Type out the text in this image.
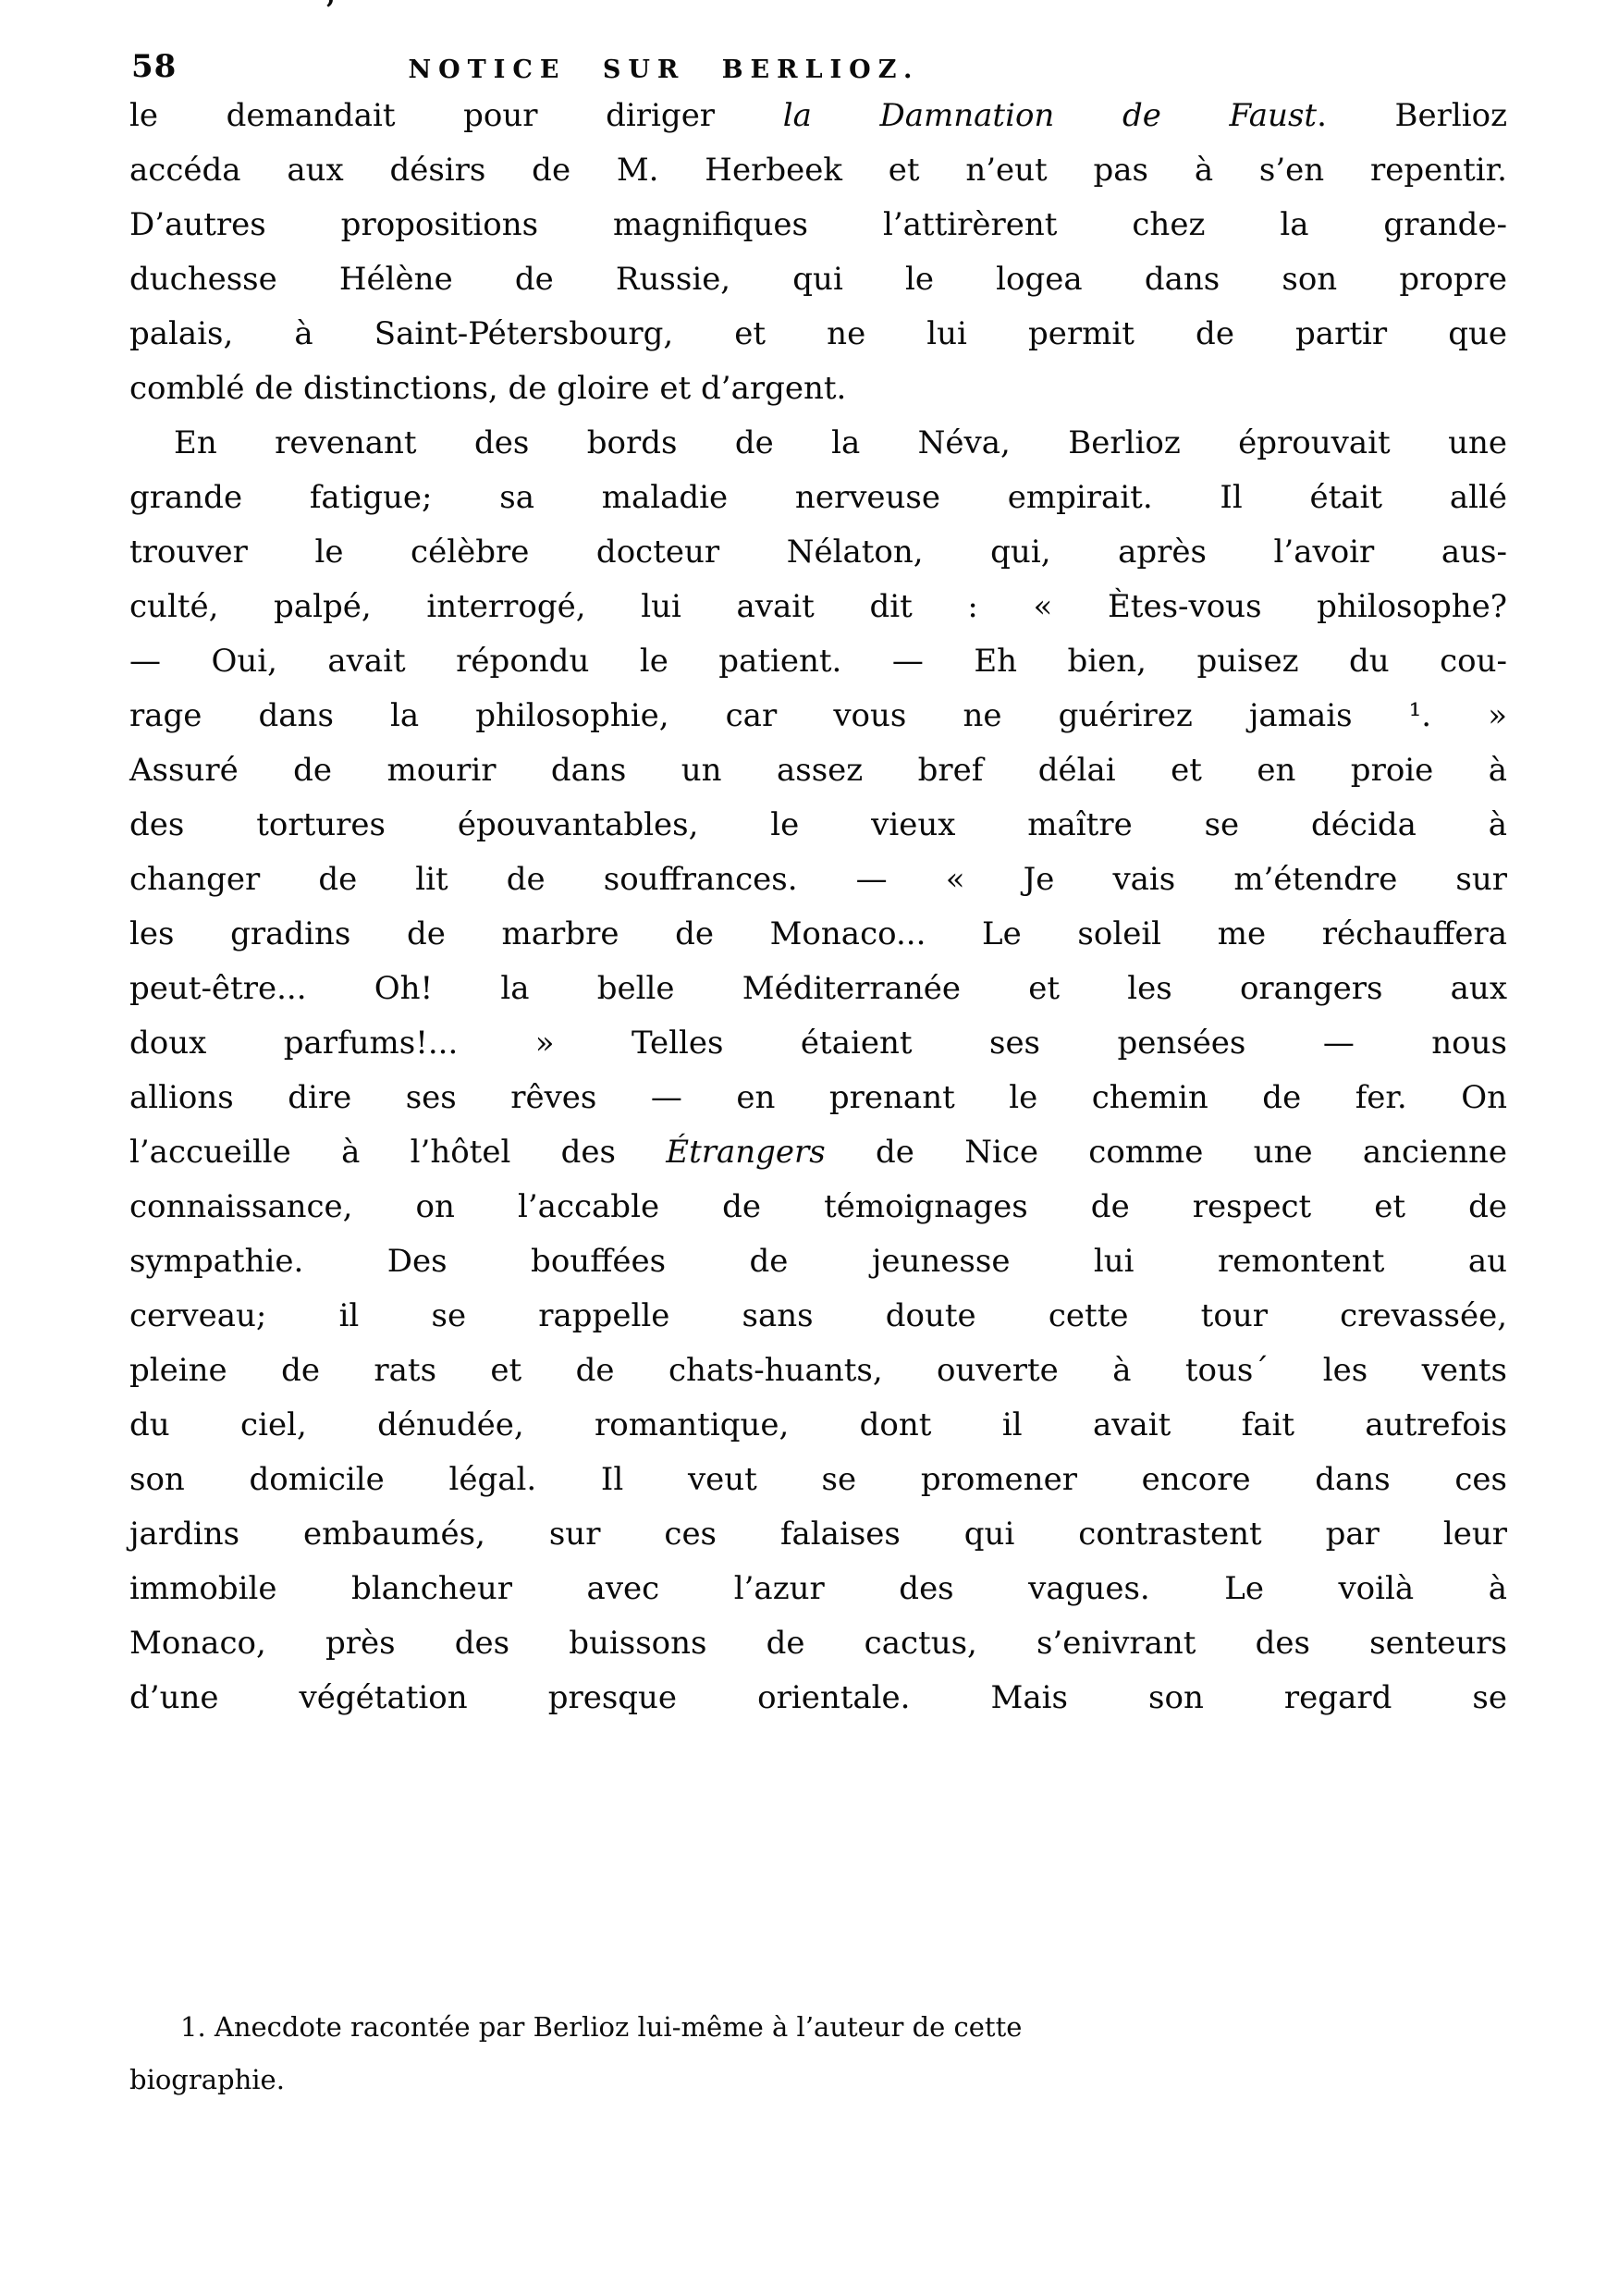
’
58	NOTICE SUR BERLIOZ.
le demandait pour diriger la Damnation de Faust. Berlioz
accéda aux désirs de M. Herbeek et n’eut pas à s’en repentir.
D’autres propositions magnifiques l’attirèrent chez la grande-
duchesse Hélène de Russie, qui le logea dans son propre
palais, à Saint-Pétersbourg, et ne lui permit de partir que
comblé de distinctions, de gloire et d’argent.
En revenant des bords de la Néva, Berlioz éprouvait une
grande fatigue; sa maladie nerveuse empirait. Il était allé
trouver le célèbre docteur Nélaton, qui, après l’avoir aus-
culté, palpé, interrogé, lui avait dit : « Ètes-vous philosophe?
— Oui, avait répondu le patient. — Eh bien, puisez du cou-
rage dans la philosophie, car vous ne guérirez jamais ¹. »
Assuré de mourir dans un assez bref délai et en proie à
des tortures épouvantables, le vieux maître se décida à
changer de lit de souffrances. — « Je vais m’étendre sur
les gradins de marbre de Monaco... Le soleil me réchauffera
peut-être... Oh! la belle Méditerranée et les orangers aux
doux parfums!... » Telles étaient ses pensées — nous
allions dire ses rêves — en prenant le chemin de fer. On
l’accueille à l’hôtel des Étrangers de Nice comme une ancienne
connaissance, on l’accable de témoignages de respect et de
sympathie. Des bouffées de jeunesse lui remontent au
cerveau; il se rappelle sans doute cette tour crevassée,
pleine de rats et de chats-huants, ouverte à tous´ les vents
du ciel, dénudée, romantique, dont il avait fait autrefois
son domicile légal. Il veut se promener encore dans ces
jardins embaumés, sur ces falaises qui contrastent par leur
immobile blancheur avec l’azur des vagues. Le voilà à
Monaco, près des buissons de cactus, s’enivrant des senteurs
d’une végétation presque orientale. Mais son regard se
1. Anecdote racontée par Berlioz lui-même à l’auteur de cette
biographie.
